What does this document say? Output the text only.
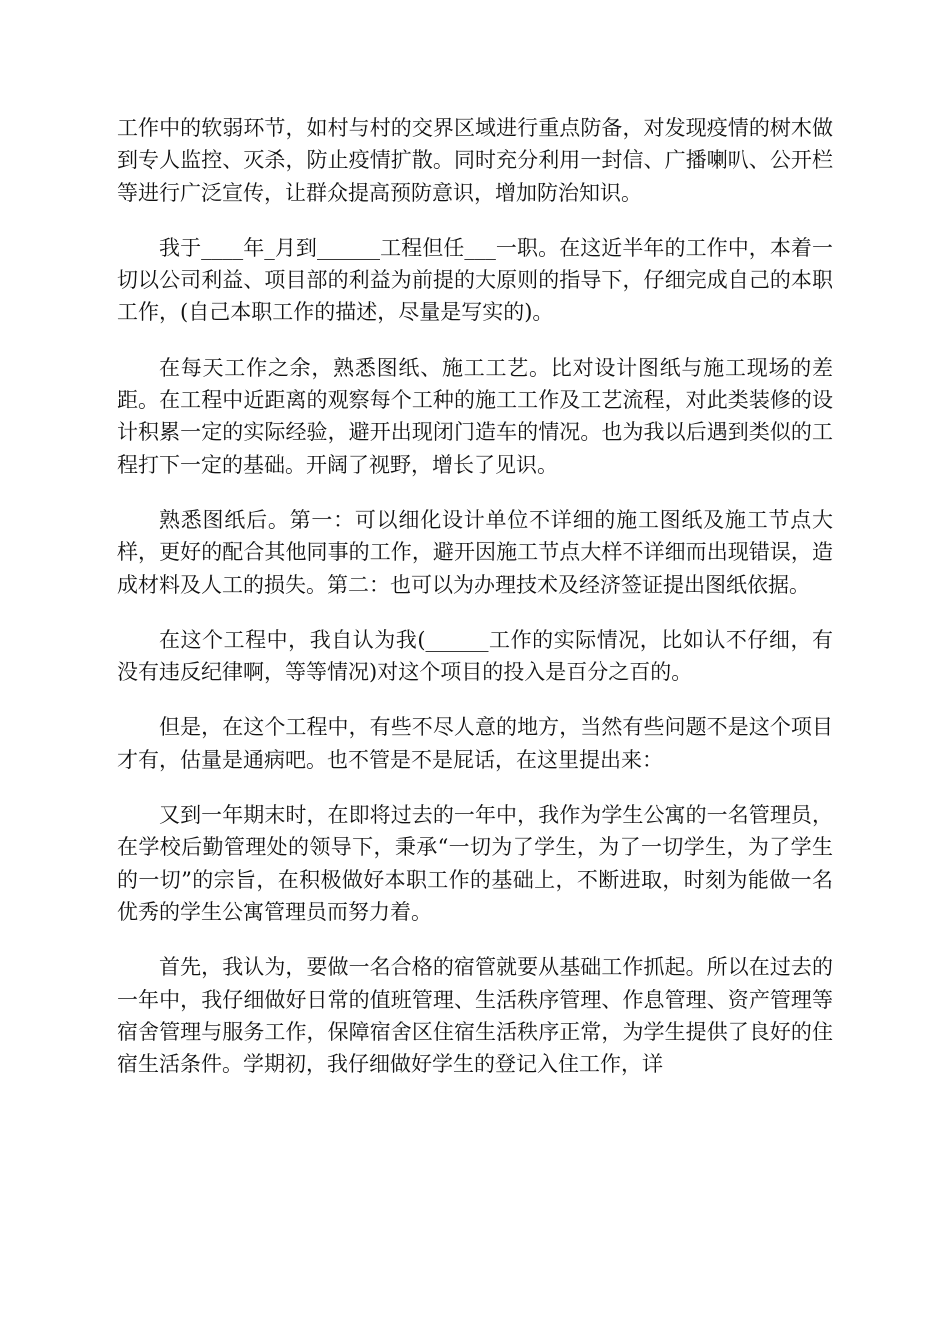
工作中的软弱环节，如村与村的交界区域进行重点防备，对发现疫情的树木做到专人监控、灭杀，防止疫情扩散。同时充分利用一封信、广播喇叭、公开栏等进行广泛宣传，让群众提高预防意识，增加防治知识。

我于____年_月到______工程但任___一职。在这近半年的工作中，本着一切以公司利益、项目部的利益为前提的大原则的指导下，仔细完成自己的本职工作，(自己本职工作的描述，尽量是写实的)。

在每天工作之余，熟悉图纸、施工工艺。比对设计图纸与施工现场的差距。在工程中近距离的观察每个工种的施工工作及工艺流程，对此类装修的设计积累一定的实际经验，避开出现闭门造车的情况。也为我以后遇到类似的工程打下一定的基础。开阔了视野，增长了见识。

熟悉图纸后。第一：可以细化设计单位不详细的施工图纸及施工节点大样，更好的配合其他同事的工作，避开因施工节点大样不详细而出现错误，造成材料及人工的损失。第二：也可以为办理技术及经济签证提出图纸依据。

在这个工程中，我自认为我(______工作的实际情况，比如认不仔细，有没有违反纪律啊，等等情况)对这个项目的投入是百分之百的。

但是，在这个工程中，有些不尽人意的地方，当然有些问题不是这个项目才有，估量是通病吧。也不管是不是屁话，在这里提出来：

又到一年期末时，在即将过去的一年中，我作为学生公寓的一名管理员，在学校后勤管理处的领导下，秉承“一切为了学生，为了一切学生，为了学生的一切”的宗旨，在积极做好本职工作的基础上，不断进取，时刻为能做一名优秀的学生公寓管理员而努力着。

首先，我认为，要做一名合格的宿管就要从基础工作抓起。所以在过去的一年中，我仔细做好日常的值班管理、生活秩序管理、作息管理、资产管理等宿舍管理与服务工作，保障宿舍区住宿生活秩序正常，为学生提供了良好的住宿生活条件。学期初，我仔细做好学生的登记入住工作，详
